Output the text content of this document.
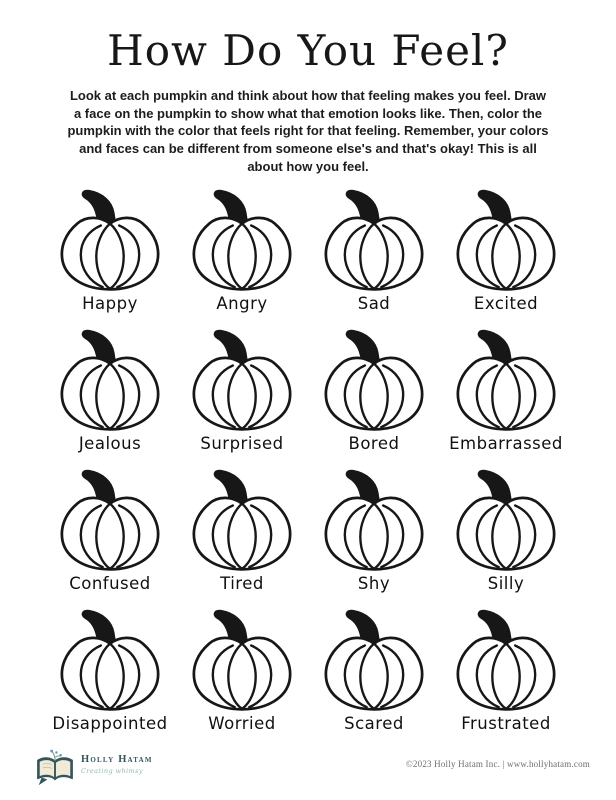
How Do You Feel?
Look at each pumpkin and think about how that feeling makes you feel. Draw a face on the pumpkin to show what that emotion looks like. Then, color the pumpkin with the color that feels right for that feeling. Remember, your colors and faces can be different from someone else's and that's okay! This is all about how you feel.
Happy	Angry	Sad	Excited
Jealous	Surprised	Bored	Embarrassed
Confused	Tired	Shy	Silly
Disappointed Worried	Scared	Frustrated
Holly Hatam
Creating whimsy
©2023 Holly Hatam Inc. | www.hollyhatam.com
